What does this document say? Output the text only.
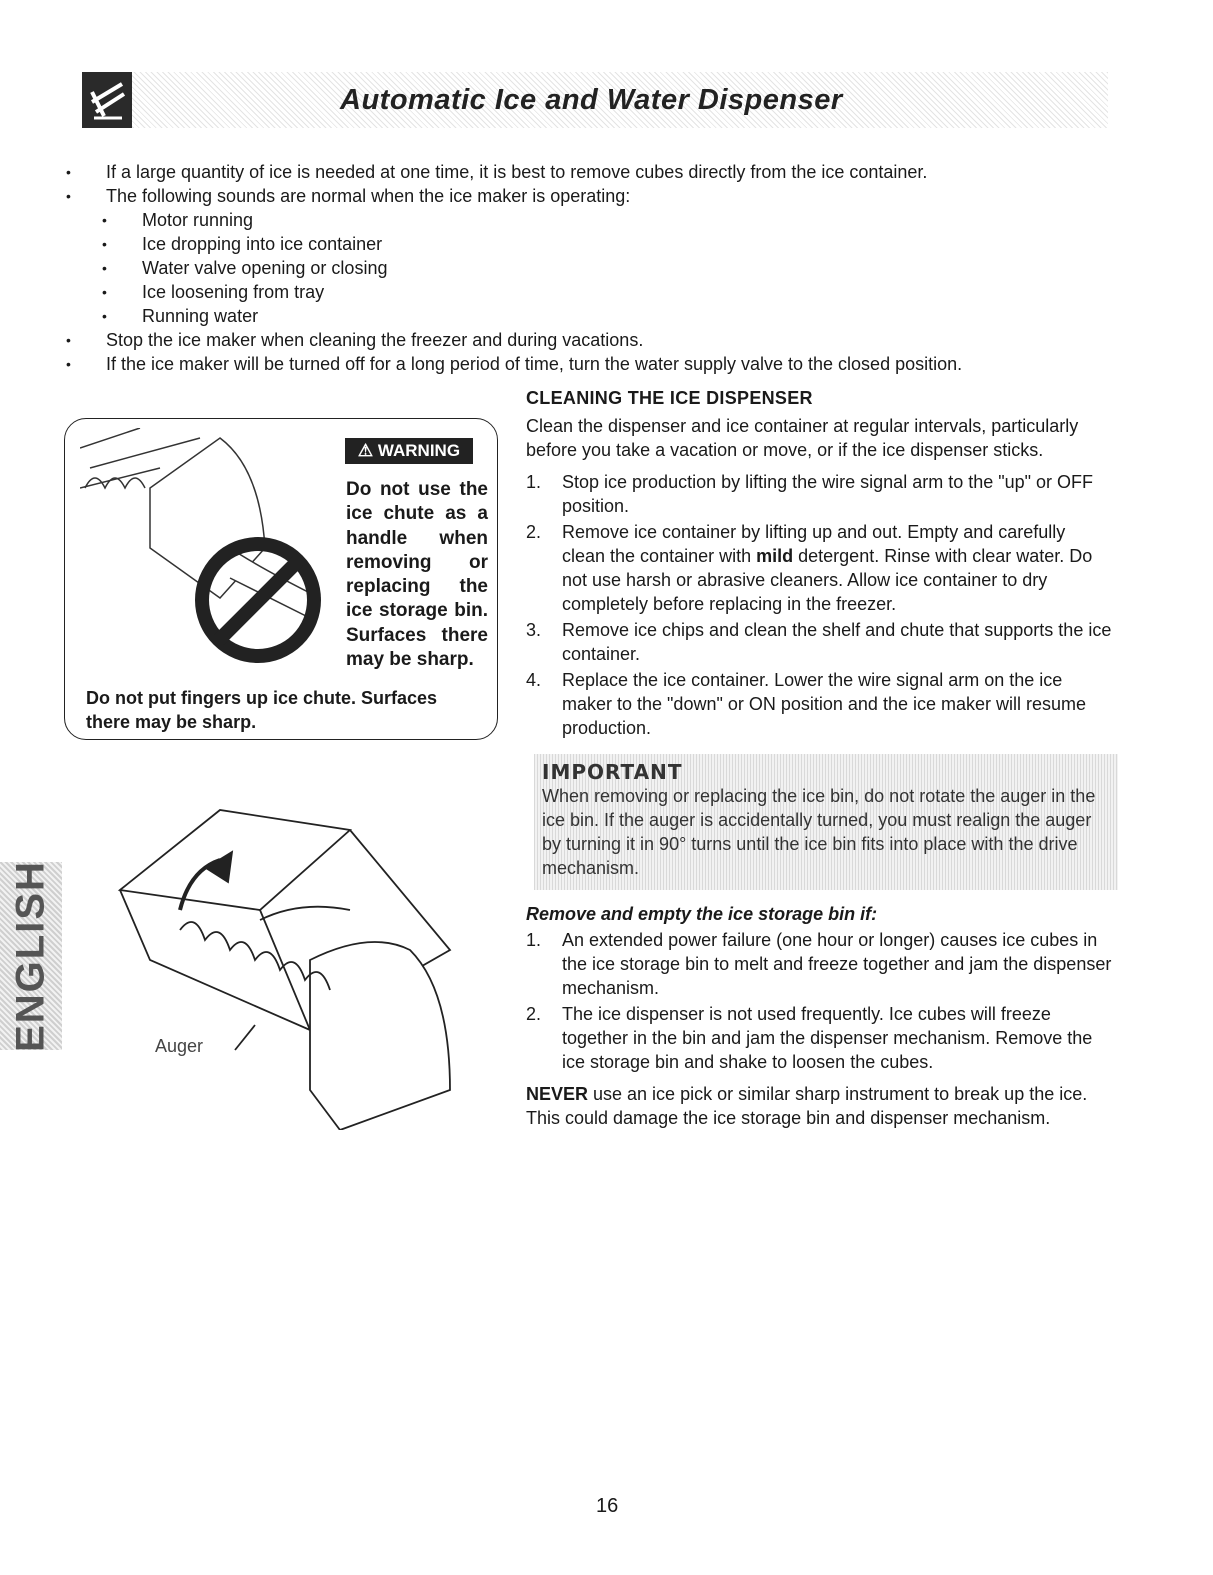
Automatic Ice and Water Dispenser
• If a large quantity of ice is needed at one time, it is best to remove cubes directly from the ice container.
• The following sounds are normal when the ice maker is operating:
• Motor running
• Ice dropping into ice container
• Water valve opening or closing
• Ice loosening from tray
• Running water
• Stop the ice maker when cleaning the freezer and during vacations.
• If the ice maker will be turned off for a long period of time, turn the water supply valve to the closed position.
⚠ WARNING
Do not use the ice chute as a handle when removing or replacing the ice storage bin. Surfaces there may be sharp.
Do not put fingers up ice chute. Surfaces there may be sharp.
Auger
ENGLISH
CLEANING THE ICE DISPENSER
Clean the dispenser and ice container at regular intervals, particularly before you take a vacation or move, or if the ice dispenser sticks.
1. Stop ice production by lifting the wire signal arm to the "up" or OFF position.
2. Remove ice container by lifting up and out. Empty and carefully clean the container with mild detergent. Rinse with clear water. Do not use harsh or abrasive cleaners. Allow ice container to dry completely before replacing in the freezer.
3. Remove ice chips and clean the shelf and chute that supports the ice container.
4. Replace the ice container. Lower the wire signal arm on the ice maker to the "down" or ON position and the ice maker will resume production.
IMPORTANT
When removing or replacing the ice bin, do not rotate the auger in the ice bin. If the auger is accidentally turned, you must realign the auger by turning it in 90° turns until the ice bin fits into place with the drive mechanism.
Remove and empty the ice storage bin if:
1. An extended power failure (one hour or longer) causes ice cubes in the ice storage bin to melt and freeze together and jam the dispenser mechanism.
2. The ice dispenser is not used frequently. Ice cubes will freeze together in the bin and jam the dispenser mechanism. Remove the ice storage bin and shake to loosen the cubes.
NEVER use an ice pick or similar sharp instrument to break up the ice. This could damage the ice storage bin and dispenser mechanism.
16
